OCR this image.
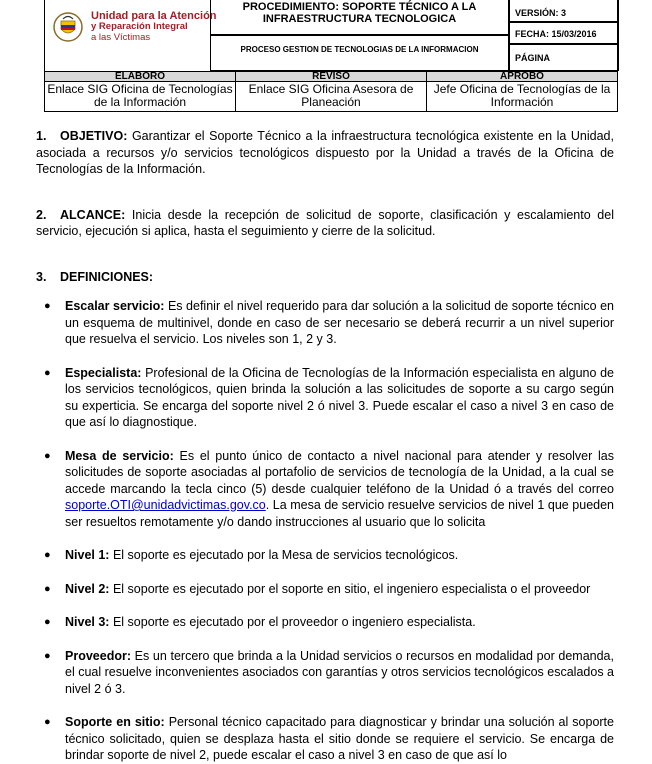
Unidad para la Atención
y Reparación Integral
a las Víctimas
PROCEDIMIENTO: SOPORTE TÉCNICO A LA INFRAESTRUCTURA TECNOLOGICA
PROCESO GESTION DE TECNOLOGIAS DE LA INFORMACION
VERSIÓN: 3
FECHA: 15/03/2016
PÁGINA
ELABORO	REVISO	APROBO
Enlace SIG Oficina de Tecnologías de la Información	Enlace SIG Oficina Asesora de Planeación	Jefe Oficina de Tecnologías de la Información

1. OBJETIVO: Garantizar el Soporte Técnico a la infraestructura tecnológica existente en la Unidad, asociada a recursos y/o servicios tecnológicos dispuesto por la Unidad a través de la Oficina de Tecnologías de la Información.

2. ALCANCE: Inicia desde la recepción de solicitud de soporte, clasificación y escalamiento del servicio, ejecución si aplica, hasta el seguimiento y cierre de la solicitud.

3. DEFINICIONES:

● Escalar servicio: Es definir el nivel requerido para dar solución a la solicitud de soporte técnico en un esquema de multinivel, donde en caso de ser necesario se deberá recurrir a un nivel superior que resuelva el servicio. Los niveles son 1, 2 y 3.
● Especialista: Profesional de la Oficina de Tecnologías de la Información especialista en alguno de los servicios tecnológicos, quien brinda la solución a las solicitudes de soporte a su cargo según su experticia. Se encarga del soporte nivel 2 ó nivel 3. Puede escalar el caso a nivel 3 en caso de que así lo diagnostique.
● Mesa de servicio: Es el punto único de contacto a nivel nacional para atender y resolver las solicitudes de soporte asociadas al portafolio de servicios de tecnología de la Unidad, a la cual se accede marcando la tecla cinco (5) desde cualquier teléfono de la Unidad ó a través del correo soporte.OTI@unidadvictimas.gov.co. La mesa de servicio resuelve servicios de nivel 1 que pueden ser resueltos remotamente y/o dando instrucciones al usuario que lo solicita
● Nivel 1: El soporte es ejecutado por la Mesa de servicios tecnológicos.
● Nivel 2: El soporte es ejecutado por el soporte en sitio, el ingeniero especialista o el proveedor
● Nivel 3: El soporte es ejecutado por el proveedor o ingeniero especialista.
● Proveedor: Es un tercero que brinda a la Unidad servicios o recursos en modalidad por demanda, el cual resuelve inconvenientes asociados con garantías y otros servicios tecnológicos escalados a nivel 2 ó 3.
● Soporte en sitio: Personal técnico capacitado para diagnosticar y brindar una solución al soporte técnico solicitado, quien se desplaza hasta el sitio donde se requiere el servicio. Se encarga de brindar soporte de nivel 2, puede escalar el caso a nivel 3 en caso de que así lo
